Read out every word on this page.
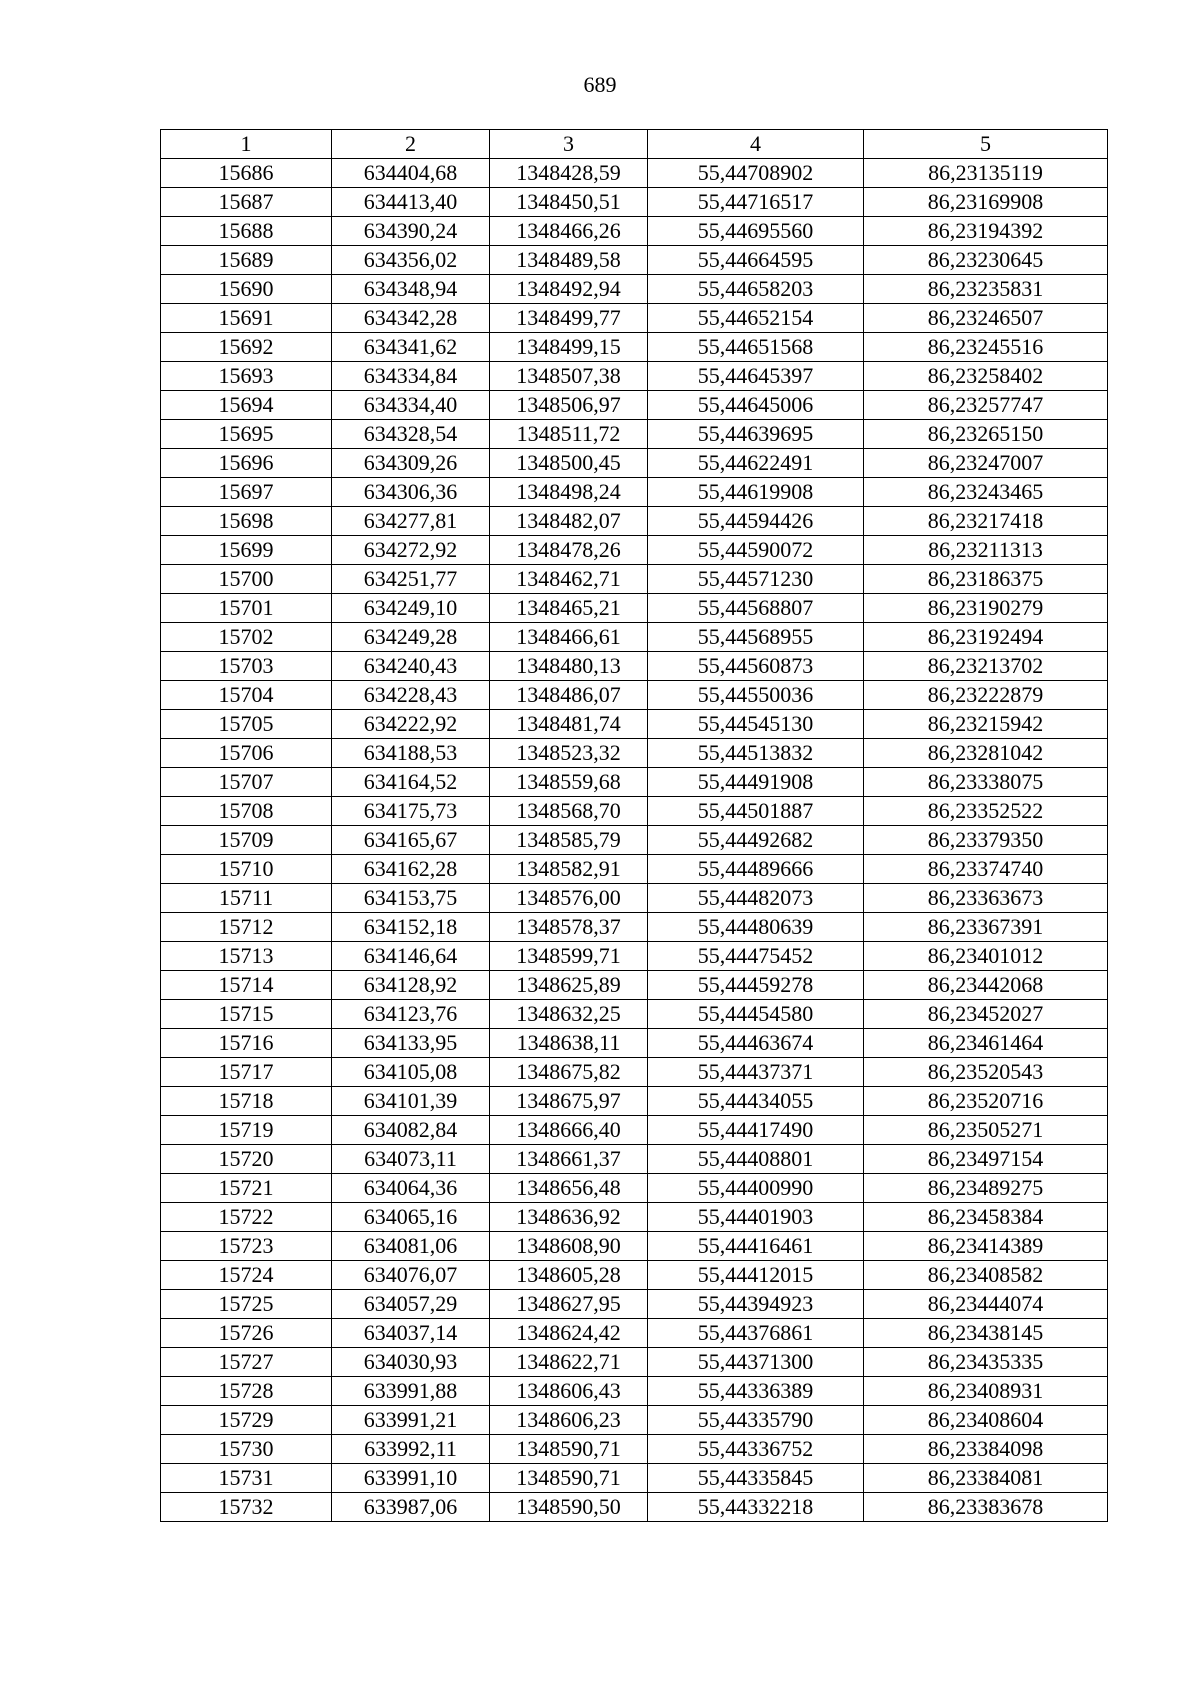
689
1	2	3	4	5
15686	634404,68	1348428,59	55,44708902	86,23135119
15687	634413,40	1348450,51	55,44716517	86,23169908
15688	634390,24	1348466,26	55,44695560	86,23194392
15689	634356,02	1348489,58	55,44664595	86,23230645
15690	634348,94	1348492,94	55,44658203	86,23235831
15691	634342,28	1348499,77	55,44652154	86,23246507
15692	634341,62	1348499,15	55,44651568	86,23245516
15693	634334,84	1348507,38	55,44645397	86,23258402
15694	634334,40	1348506,97	55,44645006	86,23257747
15695	634328,54	1348511,72	55,44639695	86,23265150
15696	634309,26	1348500,45	55,44622491	86,23247007
15697	634306,36	1348498,24	55,44619908	86,23243465
15698	634277,81	1348482,07	55,44594426	86,23217418
15699	634272,92	1348478,26	55,44590072	86,23211313
15700	634251,77	1348462,71	55,44571230	86,23186375
15701	634249,10	1348465,21	55,44568807	86,23190279
15702	634249,28	1348466,61	55,44568955	86,23192494
15703	634240,43	1348480,13	55,44560873	86,23213702
15704	634228,43	1348486,07	55,44550036	86,23222879
15705	634222,92	1348481,74	55,44545130	86,23215942
15706	634188,53	1348523,32	55,44513832	86,23281042
15707	634164,52	1348559,68	55,44491908	86,23338075
15708	634175,73	1348568,70	55,44501887	86,23352522
15709	634165,67	1348585,79	55,44492682	86,23379350
15710	634162,28	1348582,91	55,44489666	86,23374740
15711	634153,75	1348576,00	55,44482073	86,23363673
15712	634152,18	1348578,37	55,44480639	86,23367391
15713	634146,64	1348599,71	55,44475452	86,23401012
15714	634128,92	1348625,89	55,44459278	86,23442068
15715	634123,76	1348632,25	55,44454580	86,23452027
15716	634133,95	1348638,11	55,44463674	86,23461464
15717	634105,08	1348675,82	55,44437371	86,23520543
15718	634101,39	1348675,97	55,44434055	86,23520716
15719	634082,84	1348666,40	55,44417490	86,23505271
15720	634073,11	1348661,37	55,44408801	86,23497154
15721	634064,36	1348656,48	55,44400990	86,23489275
15722	634065,16	1348636,92	55,44401903	86,23458384
15723	634081,06	1348608,90	55,44416461	86,23414389
15724	634076,07	1348605,28	55,44412015	86,23408582
15725	634057,29	1348627,95	55,44394923	86,23444074
15726	634037,14	1348624,42	55,44376861	86,23438145
15727	634030,93	1348622,71	55,44371300	86,23435335
15728	633991,88	1348606,43	55,44336389	86,23408931
15729	633991,21	1348606,23	55,44335790	86,23408604
15730	633992,11	1348590,71	55,44336752	86,23384098
15731	633991,10	1348590,71	55,44335845	86,23384081
15732	633987,06	1348590,50	55,44332218	86,23383678
